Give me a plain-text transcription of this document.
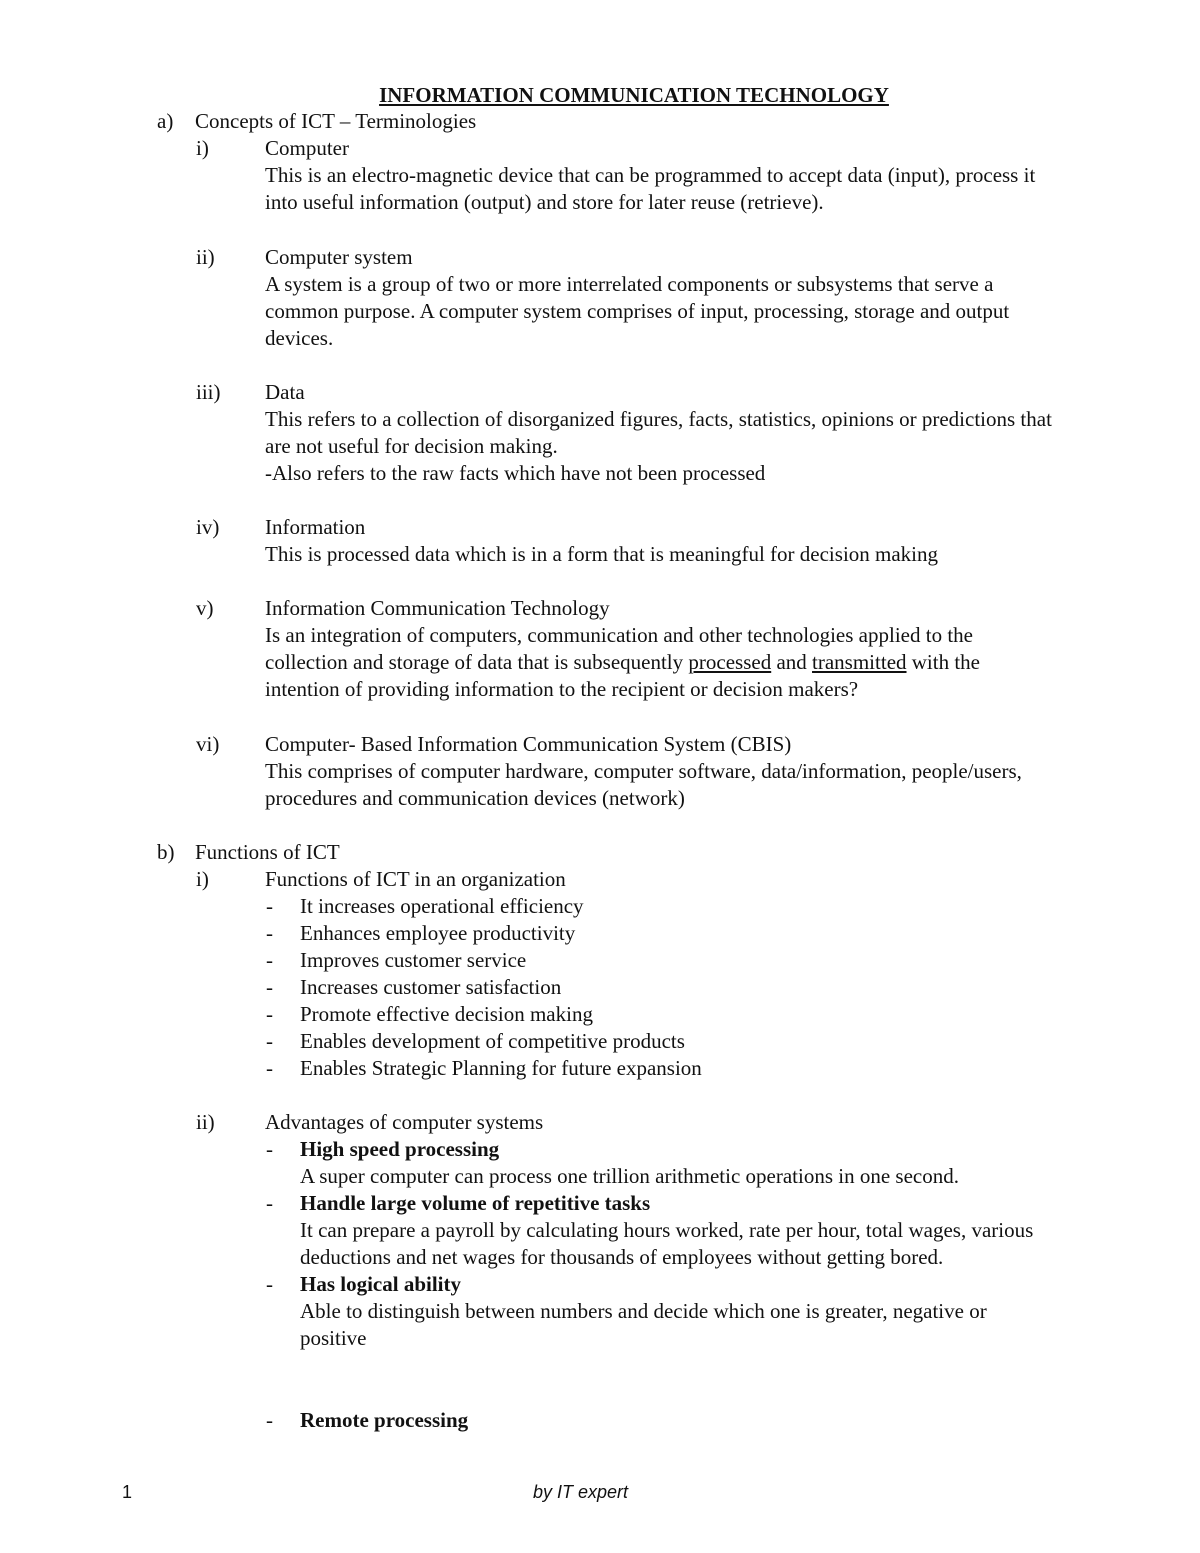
INFORMATION COMMUNICATION TECHNOLOGY
a) Concepts of ICT – Terminologies
i)	Computer
This is an electro-magnetic device that can be programmed to accept data (input), process it
into useful information (output) and store for later reuse (retrieve).
ii) Computer system
A system is a group of two or more interrelated components or subsystems that serve a
common purpose. A computer system comprises of input, processing, storage and output
devices.
iii) Data
This refers to a collection of disorganized figures, facts, statistics, opinions or predictions that
are not useful for decision making.
-Also refers to the raw facts which have not been processed
iv) Information
This is processed data which is in a form that is meaningful for decision making
v) Information Communication Technology
Is an integration of computers, communication and other technologies applied to the
collection and storage of data that is subsequently processed and transmitted with the
intention of providing information to the recipient or decision makers?
vi) Computer- Based Information Communication System (CBIS)
This comprises of computer hardware, computer software, data/information, people/users,
procedures and communication devices (network)
b) Functions of ICT
i)	Functions of ICT in an organization
- It increases operational efficiency
- Enhances employee productivity
- Improves customer service
- Increases customer satisfaction
- Promote effective decision making
- Enables development of competitive products
- Enables Strategic Planning for future expansion
ii) Advantages of computer systems
- High speed processing
A super computer can process one trillion arithmetic operations in one second.
- Handle large volume of repetitive tasks
It can prepare a payroll by calculating hours worked, rate per hour, total wages, various
deductions and net wages for thousands of employees without getting bored.
- Has logical ability
Able to distinguish between numbers and decide which one is greater, negative or
positive
- Remote processing
1	by IT expert
